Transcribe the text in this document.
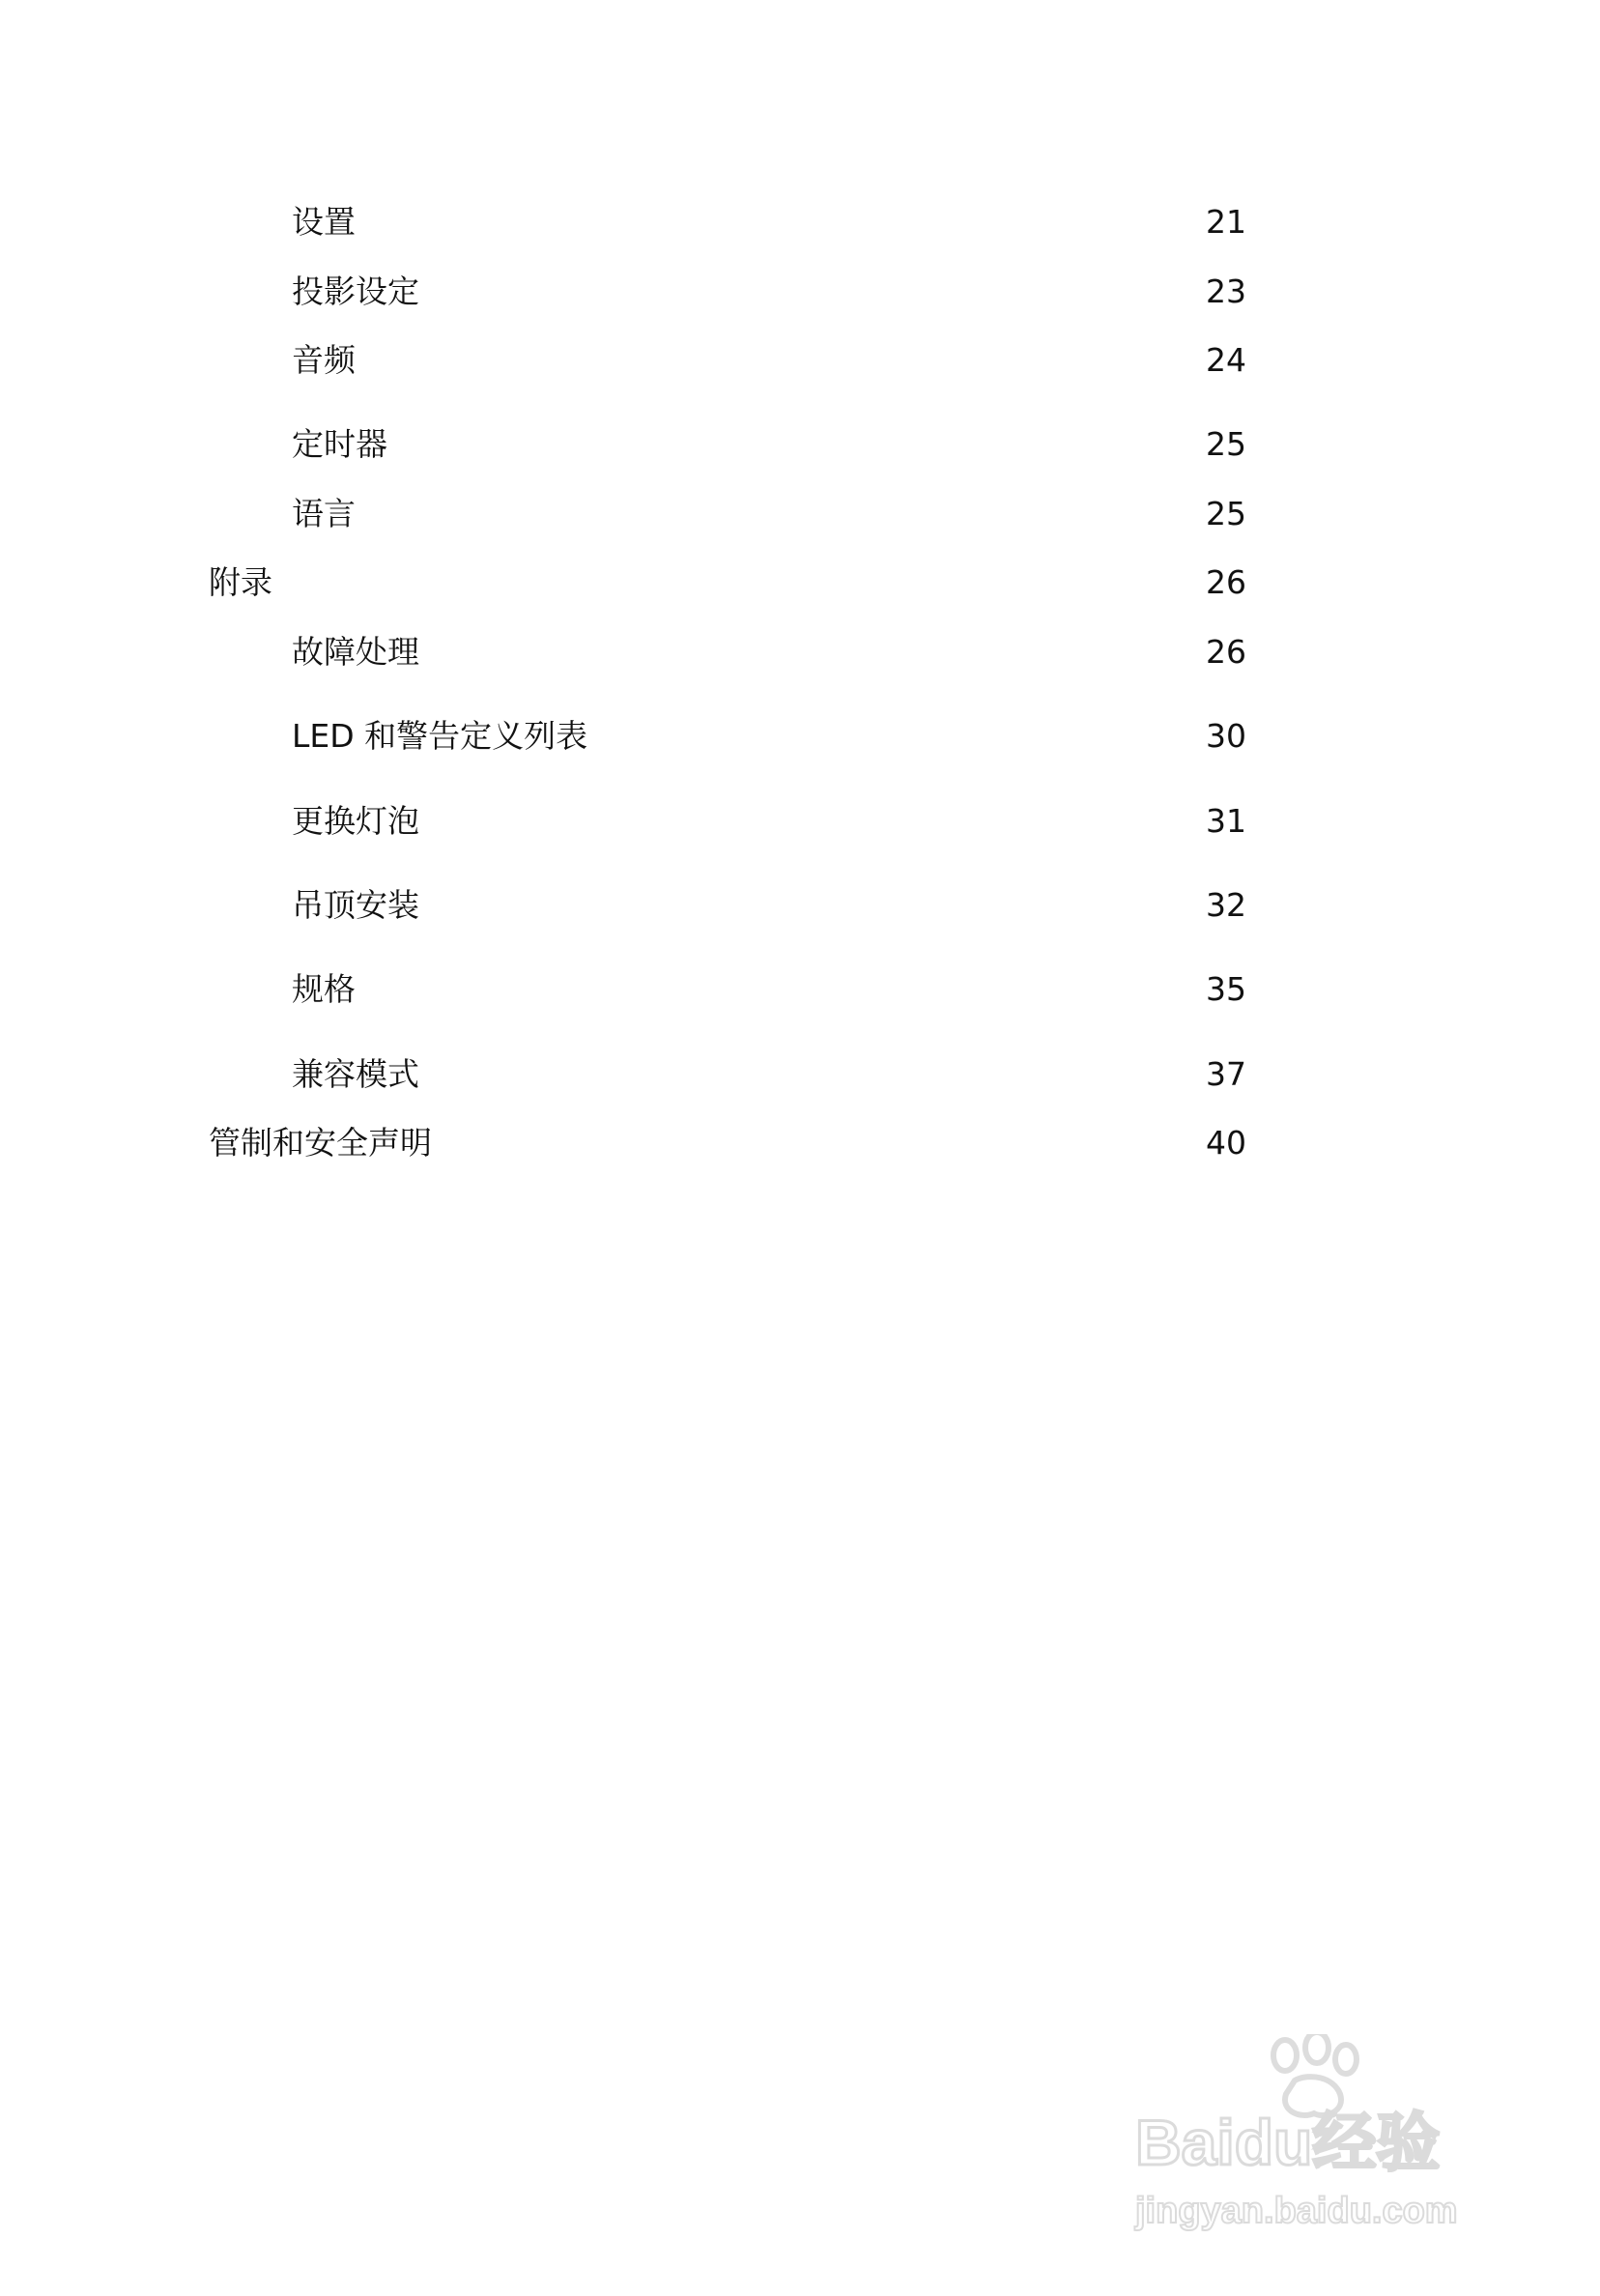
设置	21
投影设定	23
音频	24
定时器	25
语言	25
附录	26
故障处理	26
LED 和警告定义列表	30
更换灯泡	31
吊顶安装	32
规格	35
兼容模式	37
管制和安全声明	40
Baidu经验
jingyan.baidu.com
